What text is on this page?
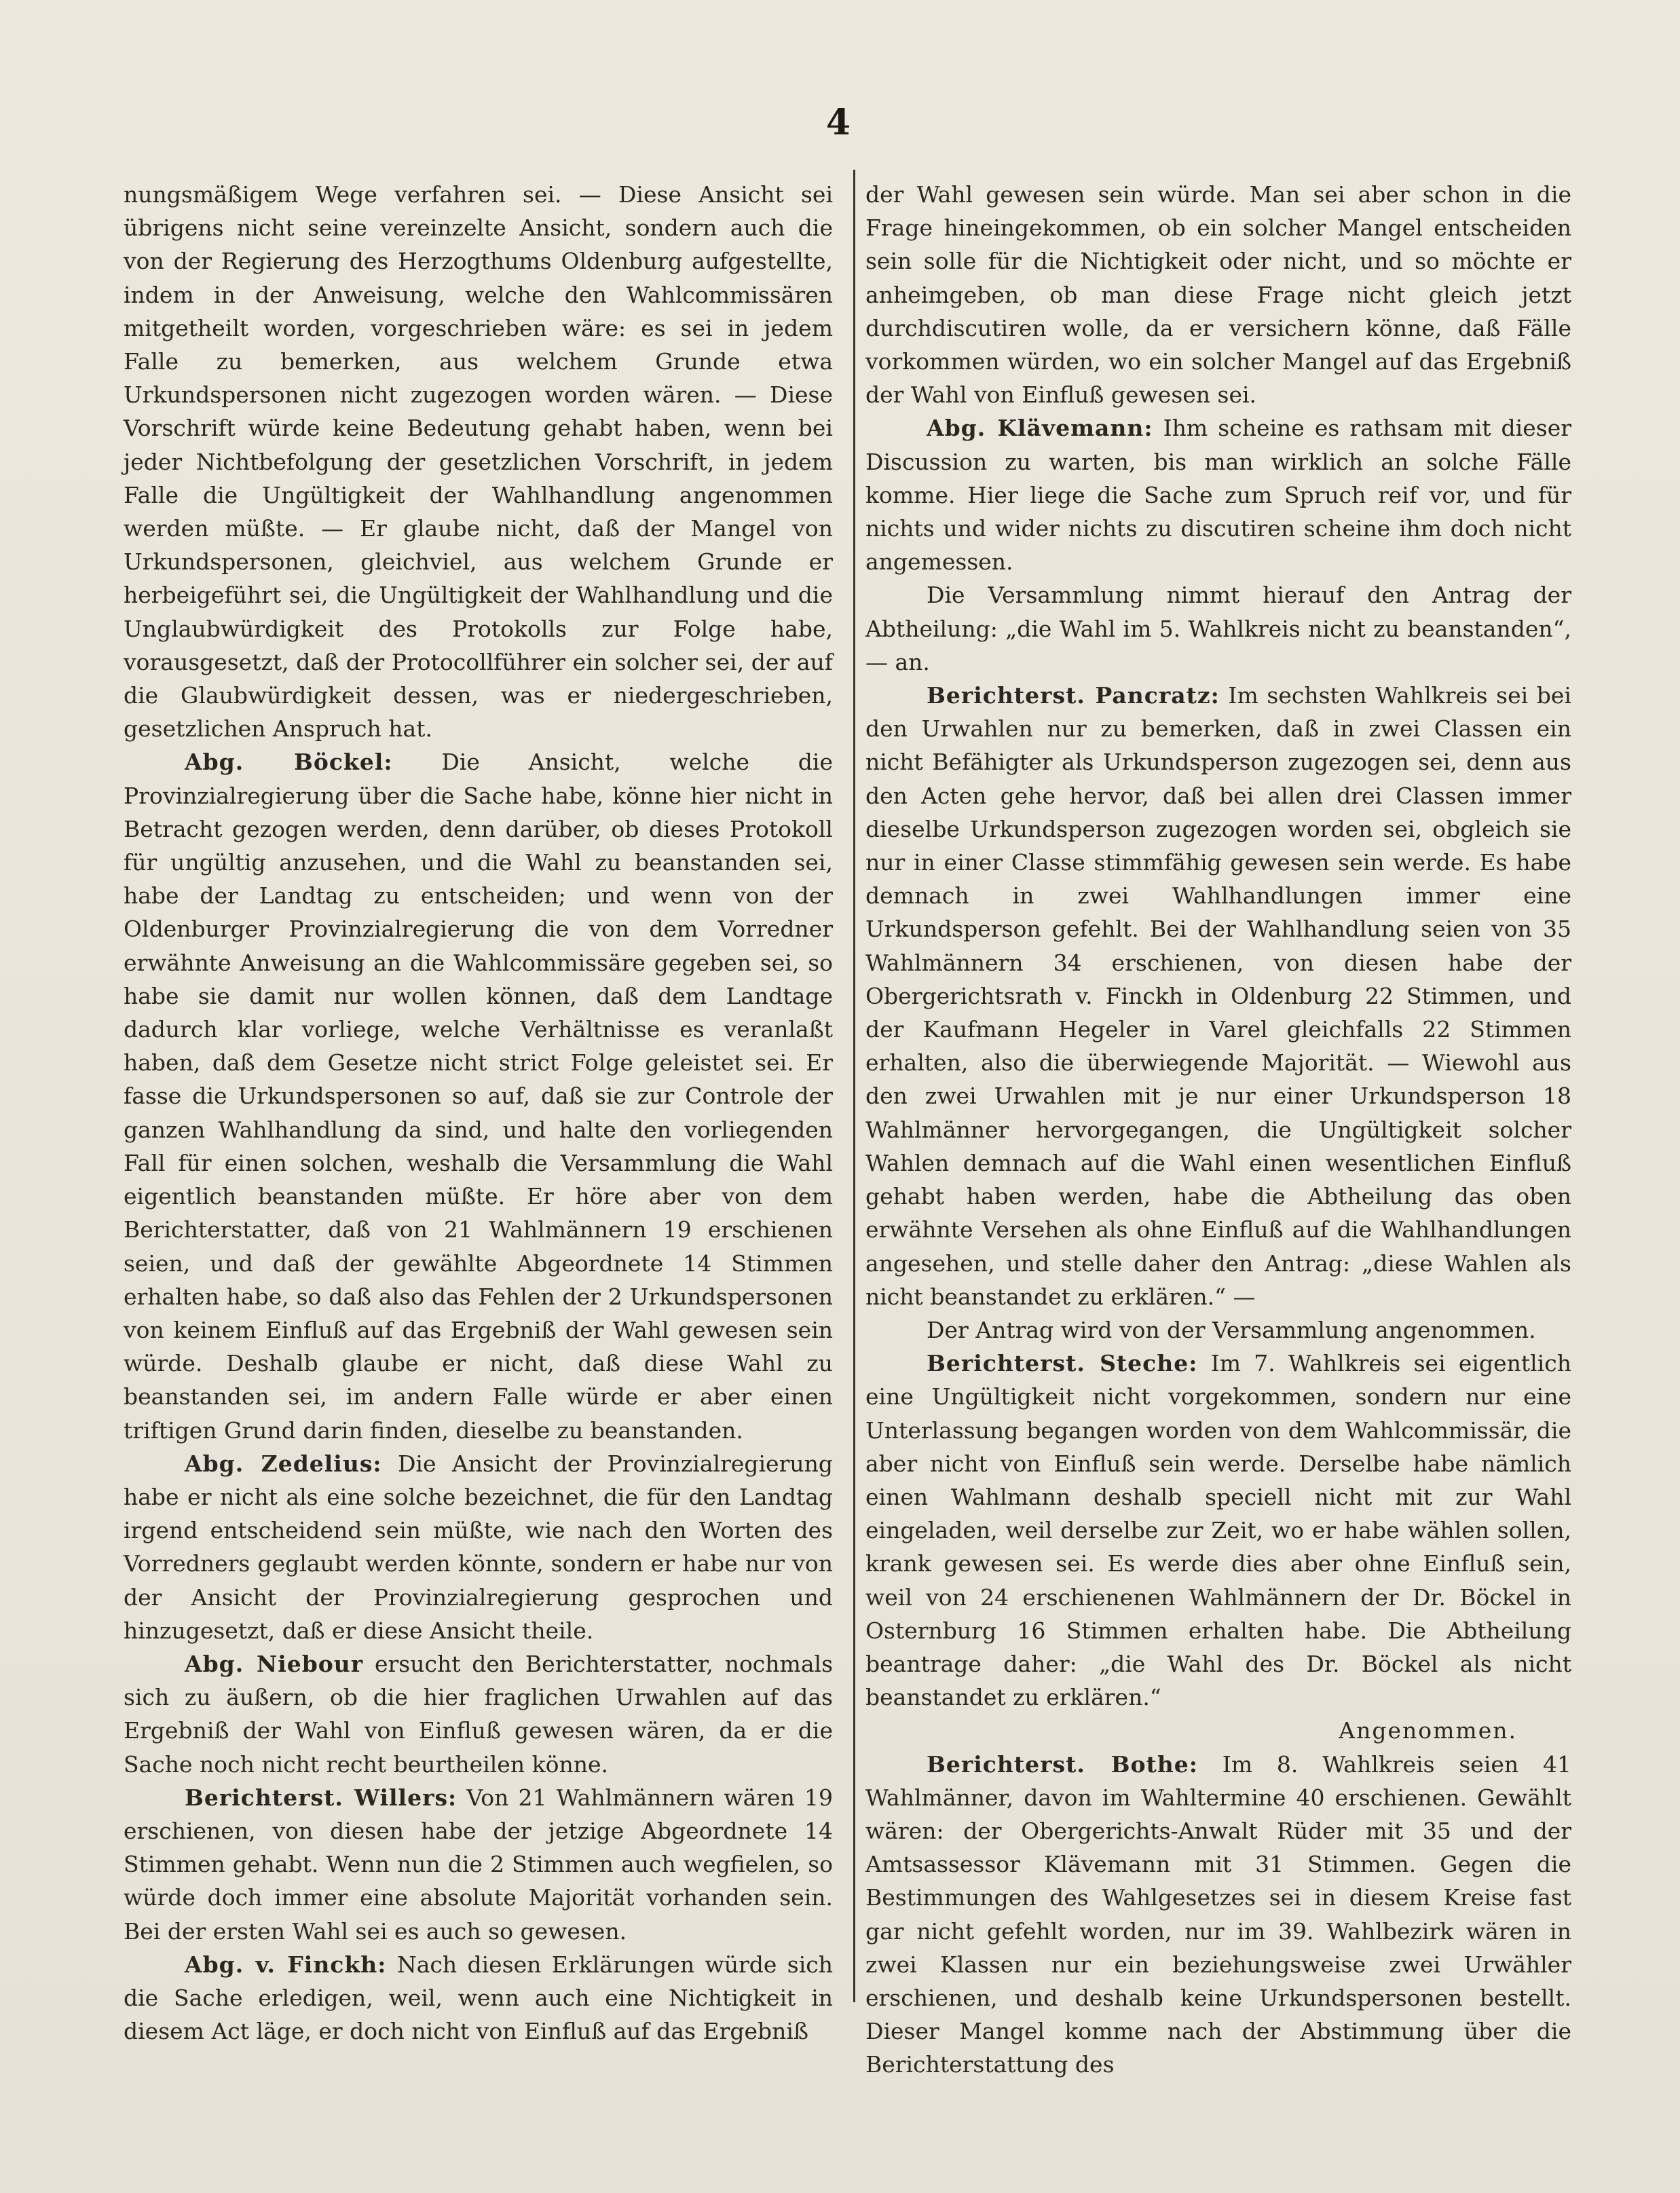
4

nungsmäßigem Wege verfahren sei. — Diese Ansicht sei übrigens nicht seine vereinzelte Ansicht, sondern auch die von der Regierung des Herzogthums Oldenburg aufgestellte, indem in der Anweisung, welche den Wahlcommissären mitgetheilt worden, vorgeschrieben wäre: es sei in jedem Falle zu bemerken, aus welchem Grunde etwa Urkundspersonen nicht zugezogen worden wären. — Diese Vorschrift würde keine Bedeutung gehabt haben, wenn bei jeder Nichtbefolgung der gesetzlichen Vorschrift, in jedem Falle die Ungültigkeit der Wahlhandlung angenommen werden müßte. — Er glaube nicht, daß der Mangel von Urkundspersonen, gleichviel, aus welchem Grunde er herbeigeführt sei, die Ungültigkeit der Wahlhandlung und die Unglaubwürdigkeit des Protokolls zur Folge habe, vorausgesetzt, daß der Protocollführer ein solcher sei, der auf die Glaubwürdigkeit dessen, was er niedergeschrieben, gesetzlichen Anspruch hat.

Abg. Böckel: Die Ansicht, welche die Provinzialregierung über die Sache habe, könne hier nicht in Betracht gezogen werden, denn darüber, ob dieses Protokoll für ungültig anzusehen, und die Wahl zu beanstanden sei, habe der Landtag zu entscheiden; und wenn von der Oldenburger Provinzialregierung die von dem Vorredner erwähnte Anweisung an die Wahlcommissäre gegeben sei, so habe sie damit nur wollen können, daß dem Landtage dadurch klar vorliege, welche Verhältnisse es veranlaßt haben, daß dem Gesetze nicht strict Folge geleistet sei. Er fasse die Urkundspersonen so auf, daß sie zur Controle der ganzen Wahlhandlung da sind, und halte den vorliegenden Fall für einen solchen, weshalb die Versammlung die Wahl eigentlich beanstanden müßte. Er höre aber von dem Berichterstatter, daß von 21 Wahlmännern 19 erschienen seien, und daß der gewählte Abgeordnete 14 Stimmen erhalten habe, so daß also das Fehlen der 2 Urkundspersonen von keinem Einfluß auf das Ergebniß der Wahl gewesen sein würde. Deshalb glaube er nicht, daß diese Wahl zu beanstanden sei, im andern Falle würde er aber einen triftigen Grund darin finden, dieselbe zu beanstanden.

Abg. Zedelius: Die Ansicht der Provinzialregierung habe er nicht als eine solche bezeichnet, die für den Landtag irgend entscheidend sein müßte, wie nach den Worten des Vorredners geglaubt werden könnte, sondern er habe nur von der Ansicht der Provinzialregierung gesprochen und hinzugesetzt, daß er diese Ansicht theile.

Abg. Niebour ersucht den Berichterstatter, nochmals sich zu äußern, ob die hier fraglichen Urwahlen auf das Ergebniß der Wahl von Einfluß gewesen wären, da er die Sache noch nicht recht beurtheilen könne.

Berichterst. Willers: Von 21 Wahlmännern wären 19 erschienen, von diesen habe der jetzige Abgeordnete 14 Stimmen gehabt. Wenn nun die 2 Stimmen auch wegfielen, so würde doch immer eine absolute Majorität vorhanden sein. Bei der ersten Wahl sei es auch so gewesen.

Abg. v. Finckh: Nach diesen Erklärungen würde sich die Sache erledigen, weil, wenn auch eine Nichtigkeit in diesem Act läge, er doch nicht von Einfluß auf das Ergebniß

der Wahl gewesen sein würde. Man sei aber schon in die Frage hineingekommen, ob ein solcher Mangel entscheiden sein solle für die Nichtigkeit oder nicht, und so möchte er anheimgeben, ob man diese Frage nicht gleich jetzt durchdiscutiren wolle, da er versichern könne, daß Fälle vorkommen würden, wo ein solcher Mangel auf das Ergebniß der Wahl von Einfluß gewesen sei.

Abg. Klävemann: Ihm scheine es rathsam mit dieser Discussion zu warten, bis man wirklich an solche Fälle komme. Hier liege die Sache zum Spruch reif vor, und für nichts und wider nichts zu discutiren scheine ihm doch nicht angemessen.

Die Versammlung nimmt hierauf den Antrag der Abtheilung: „die Wahl im 5. Wahlkreis nicht zu beanstanden“, — an.

Berichterst. Pancratz: Im sechsten Wahlkreis sei bei den Urwahlen nur zu bemerken, daß in zwei Classen ein nicht Befähigter als Urkundsperson zugezogen sei, denn aus den Acten gehe hervor, daß bei allen drei Classen immer dieselbe Urkundsperson zugezogen worden sei, obgleich sie nur in einer Classe stimmfähig gewesen sein werde. Es habe demnach in zwei Wahlhandlungen immer eine Urkundsperson gefehlt. Bei der Wahlhandlung seien von 35 Wahlmännern 34 erschienen, von diesen habe der Obergerichtsrath v. Finckh in Oldenburg 22 Stimmen, und der Kaufmann Hegeler in Varel gleichfalls 22 Stimmen erhalten, also die überwiegende Majorität. — Wiewohl aus den zwei Urwahlen mit je nur einer Urkundsperson 18 Wahlmänner hervorgegangen, die Ungültigkeit solcher Wahlen demnach auf die Wahl einen wesentlichen Einfluß gehabt haben werden, habe die Abtheilung das oben erwähnte Versehen als ohne Einfluß auf die Wahlhandlungen angesehen, und stelle daher den Antrag: „diese Wahlen als nicht beanstandet zu erklären.“ —

Der Antrag wird von der Versammlung angenommen.

Berichterst. Steche: Im 7. Wahlkreis sei eigentlich eine Ungültigkeit nicht vorgekommen, sondern nur eine Unterlassung begangen worden von dem Wahlcommissär, die aber nicht von Einfluß sein werde. Derselbe habe nämlich einen Wahlmann deshalb speciell nicht mit zur Wahl eingeladen, weil derselbe zur Zeit, wo er habe wählen sollen, krank gewesen sei. Es werde dies aber ohne Einfluß sein, weil von 24 erschienenen Wahlmännern der Dr. Böckel in Osternburg 16 Stimmen erhalten habe. Die Abtheilung beantrage daher: „die Wahl des Dr. Böckel als nicht beanstandet zu erklären.“

Angenommen.

Berichterst. Bothe: Im 8. Wahlkreis seien 41 Wahlmänner, davon im Wahltermine 40 erschienen. Gewählt wären: der Obergerichts-Anwalt Rüder mit 35 und der Amtsassessor Klävemann mit 31 Stimmen. Gegen die Bestimmungen des Wahlgesetzes sei in diesem Kreise fast gar nicht gefehlt worden, nur im 39. Wahlbezirk wären in zwei Klassen nur ein beziehungsweise zwei Urwähler erschienen, und deshalb keine Urkundspersonen bestellt. Dieser Mangel komme nach der Abstimmung über die Berichterstattung des
